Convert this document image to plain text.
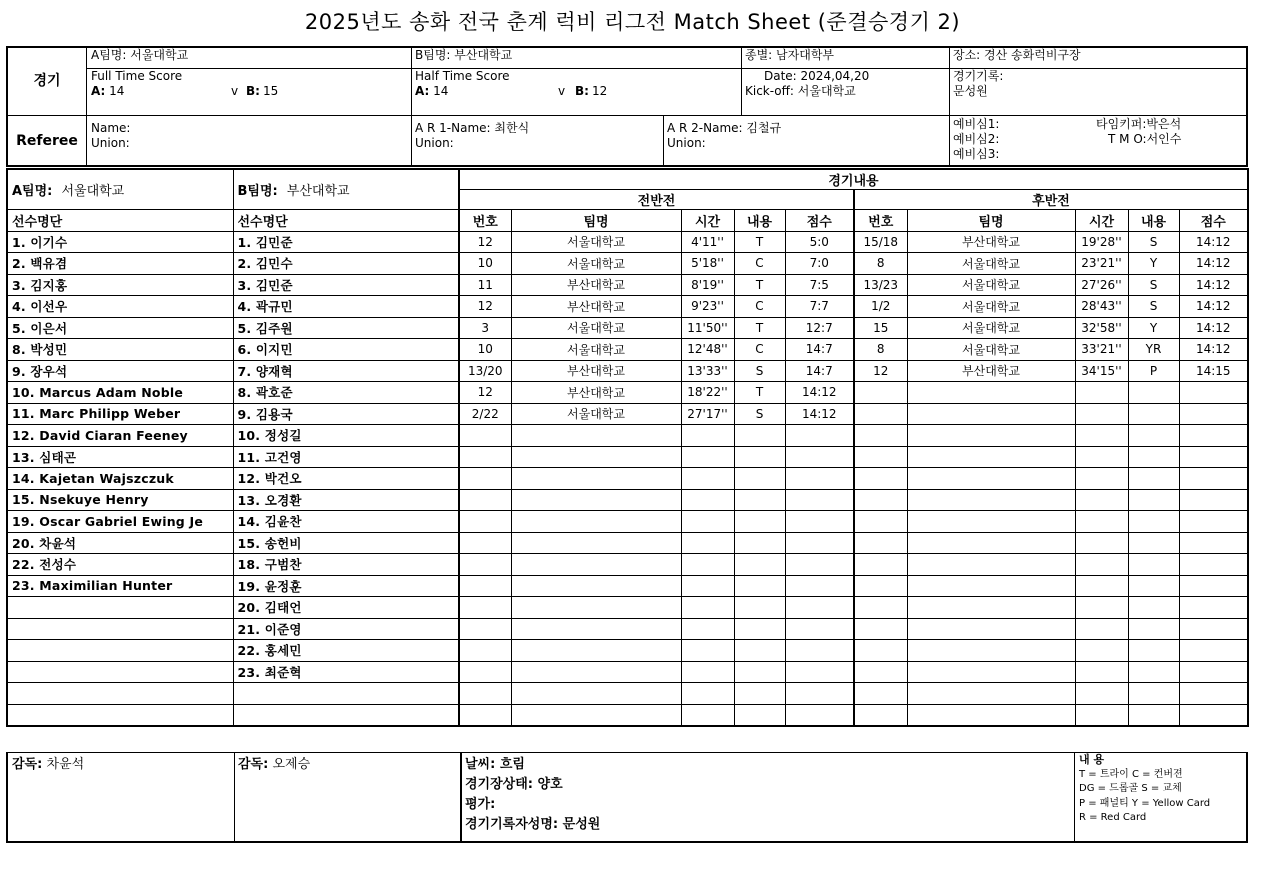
2025년도 송화 전국 춘계 럭비 리그전 Match Sheet (준결승경기 2)
경기
Referee
A팀명: 서울대학교
Full Time Score
A: 14	v B: 15
B팀명: 부산대학교
Half Time Score
A: 14	v B: 12
종별: 남자대학부
Date: 2024,04,20
Kick-off: 서울대학교
장소: 경산 송화럭비구장
경기기록:
문성원
Name:
Union:
A R 1-Name: 최한식
Union:
A R 2-Name: 김철규
Union:
예비심1:
예비심2:
예비심3:
타임키퍼:박은석
T M O:서인수
A팀명: 서울대학교	B팀명: 부산대학교	경기내용									
		전반전					후반전				
선수명단	선수명단	번호	팀명	시간	내용	점수	번호	팀명	시간	내용	점수
1. 이기수	1. 김민준	12	서울대학교	4'11''	T	5:0	15/18	부산대학교	19'28''	S	14:12
2. 백유겸	2. 김민수	10	서울대학교	5'18''	C	7:0	8	서울대학교	23'21''	Y	14:12
3. 김지홍	3. 김민준	11	부산대학교	8'19''	T	7:5	13/23	서울대학교	27'26''	S	14:12
4. 이선우	4. 곽규민	12	부산대학교	9'23''	C	7:7	1/2	서울대학교	28'43''	S	14:12
5. 이은서	5. 김주원	3	서울대학교	11'50''	T	12:7	15	서울대학교	32'58''	Y	14:12
8. 박성민	6. 이지민	10	서울대학교	12'48''	C	14:7	8	서울대학교	33'21''	YR	14:12
9. 장우석	7. 양재혁	13/20	부산대학교	13'33''	S	14:7	12	부산대학교	34'15''	P	14:15
10. Marcus Adam Noble	8. 곽호준	12	부산대학교	18'22''	T	14:12					
11. Marc Philipp Weber	9. 김용국	2/22	서울대학교	27'17''	S	14:12					
12. David Ciaran Feeney	10. 정성길										
13. 심태곤	11. 고건영										
14. Kajetan Wajszczuk	12. 박건오										
15. Nsekuye Henry	13. 오경환										
19. Oscar Gabriel Ewing Je	14. 김윤찬										
20. 차윤석	15. 송헌비										
22. 전성수	18. 구범찬										
23. Maximilian Hunter	19. 윤정훈										
	20. 김태언										
	21. 이준영										
	22. 홍세민										
	23. 최준혁										

감독: 차윤석	감독: 오제승	날씨: 흐림
경기장상태: 양호
평가:
경기기록자성명: 문성원
내 용
T = 트라이 C = 컨버젼
DG = 드롭골 S = 교체
P = 패널티 Y = Yellow Card
R = Red Card
